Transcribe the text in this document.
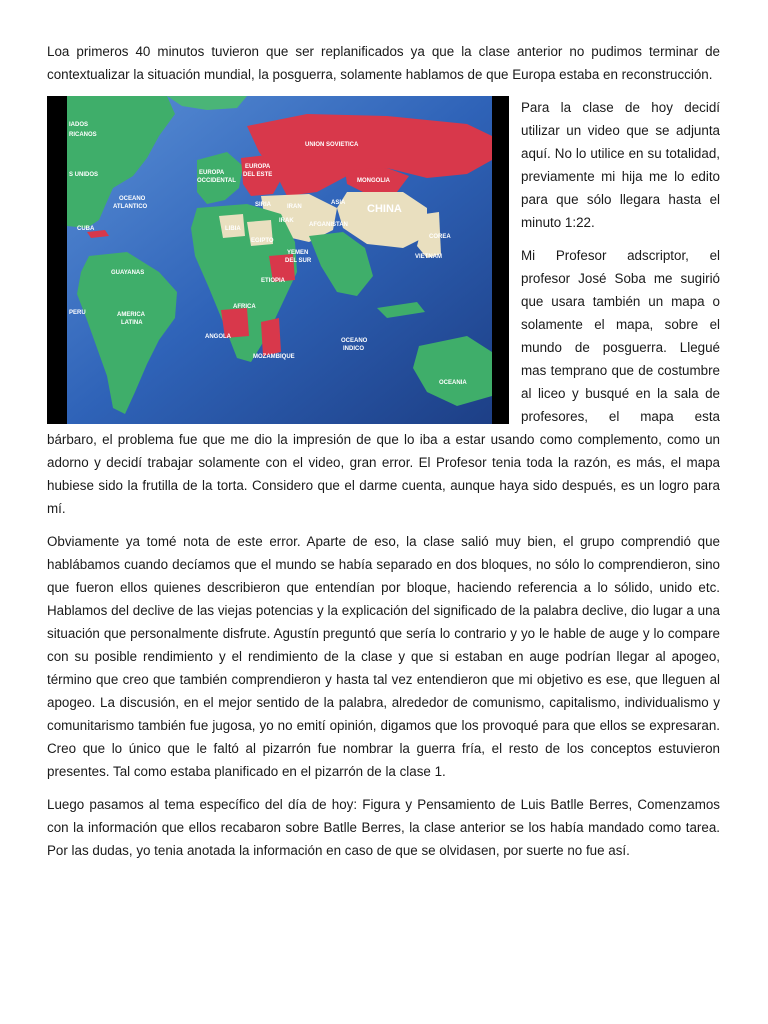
Loa primeros 40 minutos tuvieron que ser replanificados ya que la clase anterior no pudimos terminar de contextualizar la situación mundial, la posguerra, solamente hablamos de que Europa estaba en reconstrucción.

IADOS
RICANOS
S UNIDOS
OCEANO
ATLANTICO
CUBA
GUAYANAS
PERU	AMERICA
LATINA
EUROPA
OCCIDENTAL
EUROPA
DEL ESTE
UNION SOVIETICA
MONGOLIA
CHINA
SIRIA	IRAN
IRAK
ASIA
AFGANISTAN
LIBIA
EGIPTO
YEMEN
DEL SUR
ETIOPIA
AFRICA
ANGOLA
MOZAMBIQUE
COREA
VIETNAM
OCEANO
INDICO
OCEANIA

Para la clase de hoy decidí utilizar un video que se adjunta aquí. No lo utilice en su totalidad, previamente mi hija me lo edito para que sólo llegara hasta el minuto 1:22.

Mi Profesor adscriptor, el profesor José Soba me sugirió que usara también un mapa o solamente el mapa, sobre el mundo de posguerra. Llegué mas temprano que de costumbre al liceo y busqué en la sala de profesores, el mapa esta bárbaro, el problema fue que me dio la impresión de que lo iba a estar usando como complemento, como un adorno y decidí trabajar solamente con el video, gran error. El Profesor tenia toda la razón, es más, el mapa hubiese sido la frutilla de la torta. Considero que el darme cuenta, aunque haya sido después, es un logro para mí.

Obviamente ya tomé nota de este error. Aparte de eso, la clase salió muy bien, el grupo comprendió que hablábamos cuando decíamos que el mundo se había separado en dos bloques, no sólo lo comprendieron, sino que fueron ellos quienes describieron que entendían por bloque, haciendo referencia a lo sólido, unido etc. Hablamos del declive de las viejas potencias y la explicación del significado de la palabra declive, dio lugar a una situación que personalmente disfrute. Agustín preguntó que sería lo contrario y yo le hable de auge y lo compare con su posible rendimiento y el rendimiento de la clase y que si estaban en auge podrían llegar al apogeo, término que creo que también comprendieron y hasta tal vez entendieron que mi objetivo es ese, que lleguen al apogeo. La discusión, en el mejor sentido de la palabra, alrededor de comunismo, capitalismo, individualismo y comunitarismo también fue jugosa, yo no emití opinión, digamos que los provoqué para que ellos se expresaran. Creo que lo único que le faltó al pizarrón fue nombrar la guerra fría, el resto de los conceptos estuvieron presentes. Tal como estaba planificado en el pizarrón de la clase 1.

Luego pasamos al tema específico del día de hoy: Figura y Pensamiento de Luis Batlle Berres, Comenzamos con la información que ellos recabaron sobre Batlle Berres, la clase anterior se los había mandado como tarea. Por las dudas, yo tenia anotada la información en caso de que se olvidasen, por suerte no fue así.
